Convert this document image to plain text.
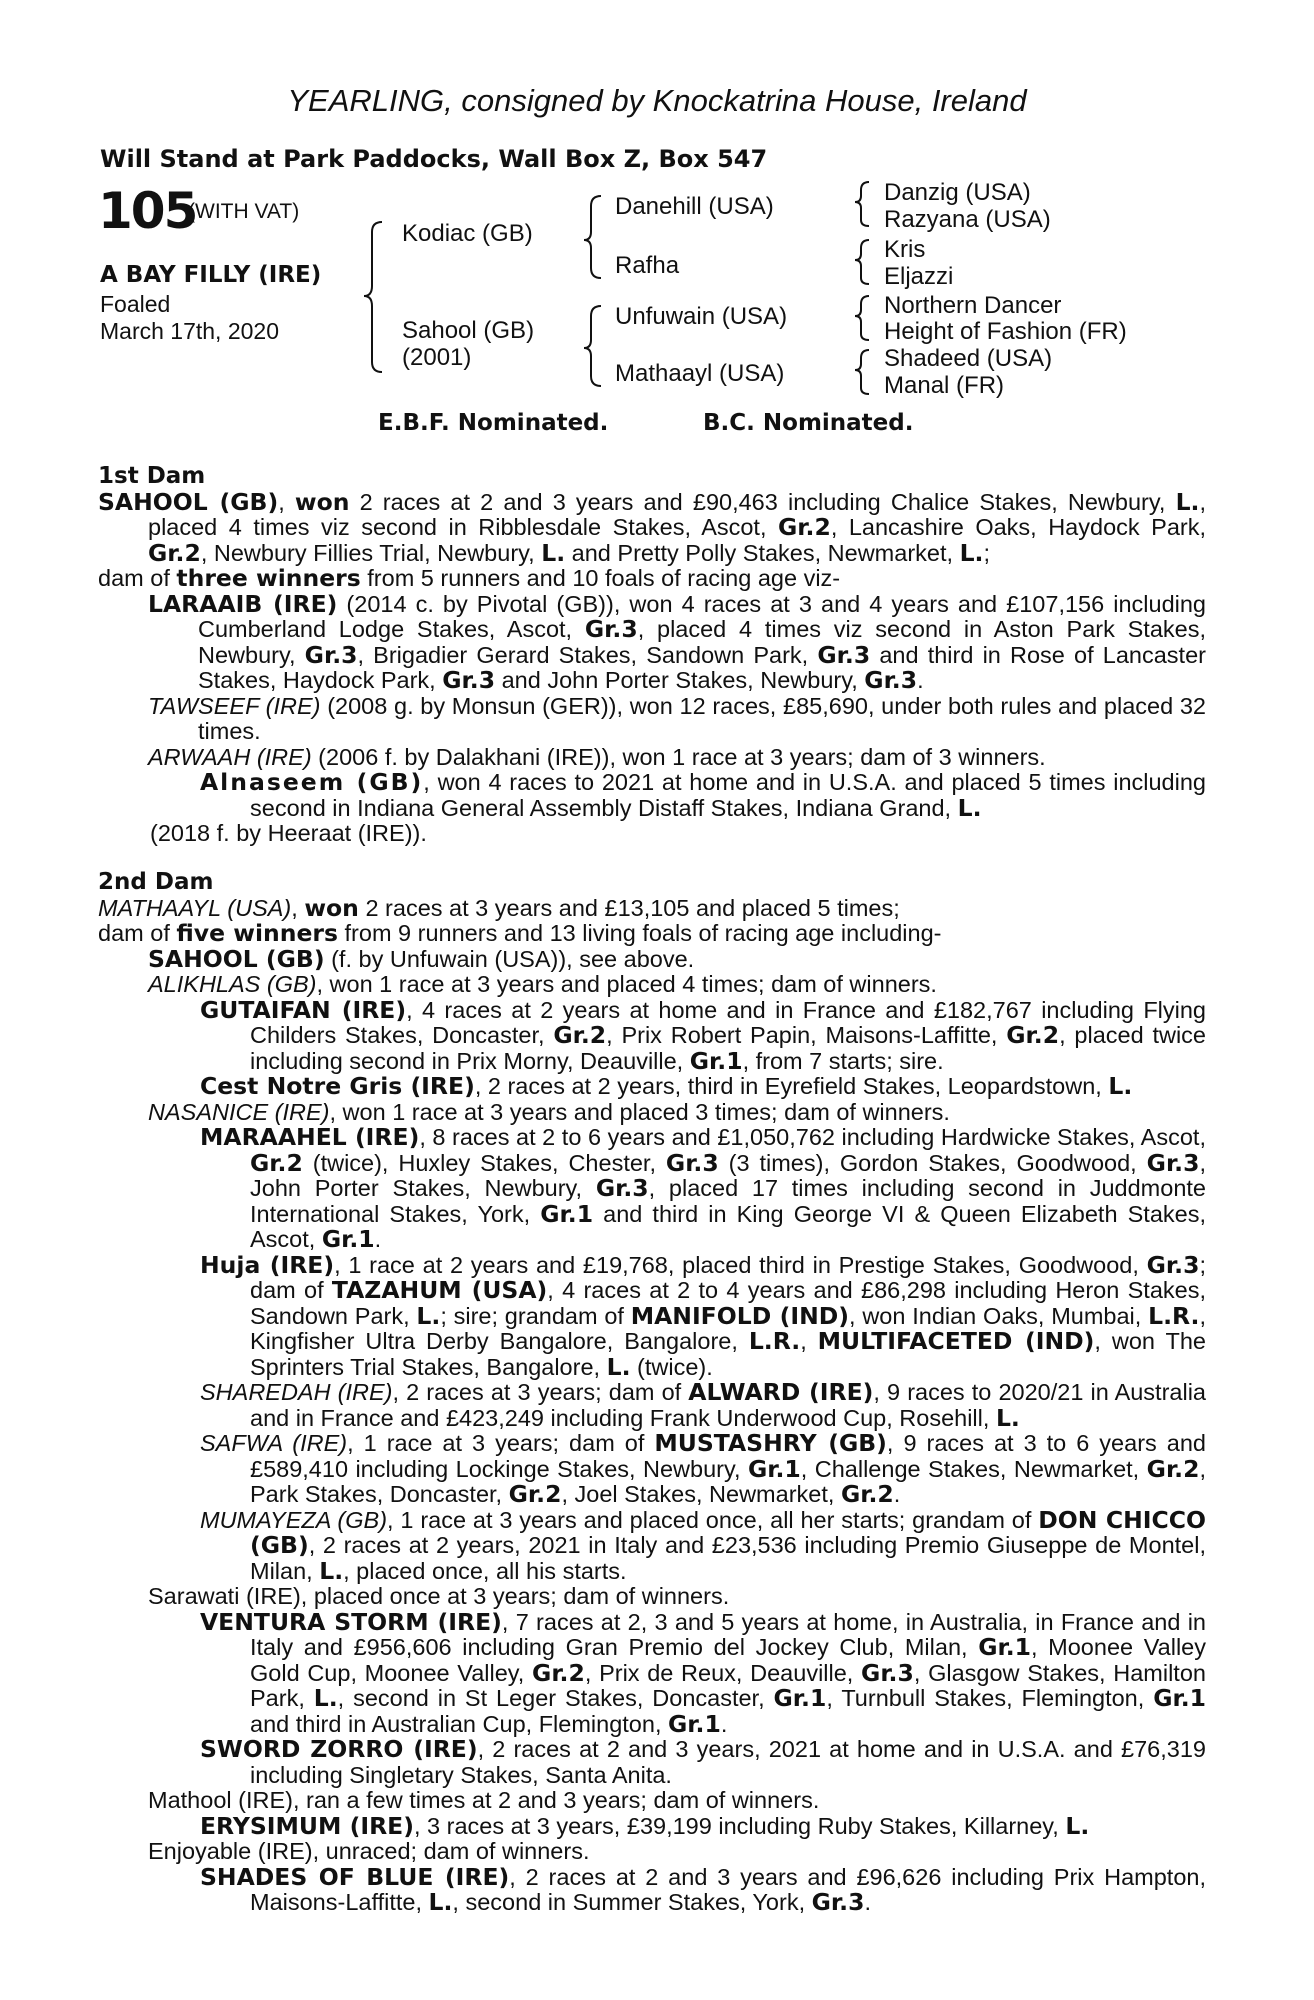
YEARLING, consigned by Knockatrina House, Ireland
Will Stand at Park Paddocks, Wall Box Z, Box 547
105
(WITH VAT)
A BAY FILLY (IRE)
Foaled
March 17th, 2020
Kodiac (GB)
Sahool (GB)
(2001)
Danehill (USA)
Rafha
Unfuwain (USA)
Mathaayl (USA)
Danzig (USA)
Razyana (USA)
Kris
Eljazzi
Northern Dancer
Height of Fashion (FR)
Shadeed (USA)
Manal (FR)
E.B.F. Nominated.	B.C. Nominated.
1st Dam

SAHOOL (GB), won 2 races at 2 and 3 years and £90,463 including Chalice Stakes, Newbury, L., placed 4 times viz second in Ribblesdale Stakes, Ascot, Gr.2, Lancashire Oaks, Haydock Park, Gr.2, Newbury Fillies Trial, Newbury, L. and Pretty Polly Stakes, Newmarket, L.;

dam of three winners from 5 runners and 10 foals of racing age viz-

LARAAIB (IRE) (2014 c. by Pivotal (GB)), won 4 races at 3 and 4 years and £107,156 including Cumberland Lodge Stakes, Ascot, Gr.3, placed 4 times viz second in Aston Park Stakes, Newbury, Gr.3, Brigadier Gerard Stakes, Sandown Park, Gr.3 and third in Rose of Lancaster Stakes, Haydock Park, Gr.3 and John Porter Stakes, Newbury, Gr.3.

TAWSEEF (IRE) (2008 g. by Monsun (GER)), won 12 races, £85,690, under both rules and placed 32 times.

ARWAAH (IRE) (2006 f. by Dalakhani (IRE)), won 1 race at 3 years; dam of 3 winners.

Alnaseem (GB), won 4 races to 2021 at home and in U.S.A. and placed 5 times including second in Indiana General Assembly Distaff Stakes, Indiana Grand, L.

(2018 f. by Heeraat (IRE)).

2nd Dam

MATHAAYL (USA), won 2 races at 3 years and £13,105 and placed 5 times;

dam of five winners from 9 runners and 13 living foals of racing age including-

SAHOOL (GB) (f. by Unfuwain (USA)), see above.

ALIKHLAS (GB), won 1 race at 3 years and placed 4 times; dam of winners.

GUTAIFAN (IRE), 4 races at 2 years at home and in France and £182,767 including Flying Childers Stakes, Doncaster, Gr.2, Prix Robert Papin, Maisons-Laffitte, Gr.2, placed twice including second in Prix Morny, Deauville, Gr.1, from 7 starts; sire.

Cest Notre Gris (IRE), 2 races at 2 years, third in Eyrefield Stakes, Leopardstown, L.

NASANICE (IRE), won 1 race at 3 years and placed 3 times; dam of winners.

MARAAHEL (IRE), 8 races at 2 to 6 years and £1,050,762 including Hardwicke Stakes, Ascot, Gr.2 (twice), Huxley Stakes, Chester, Gr.3 (3 times), Gordon Stakes, Goodwood, Gr.3, John Porter Stakes, Newbury, Gr.3, placed 17 times including second in Juddmonte International Stakes, York, Gr.1 and third in King George VI & Queen Elizabeth Stakes, Ascot, Gr.1.

Huja (IRE), 1 race at 2 years and £19,768, placed third in Prestige Stakes, Goodwood, Gr.3; dam of TAZAHUM (USA), 4 races at 2 to 4 years and £86,298 including Heron Stakes, Sandown Park, L.; sire; grandam of MANIFOLD (IND), won Indian Oaks, Mumbai, L.R., Kingfisher Ultra Derby Bangalore, Bangalore, L.R., MULTIFACETED (IND), won The Sprinters Trial Stakes, Bangalore, L. (twice).

SHAREDAH (IRE), 2 races at 3 years; dam of ALWARD (IRE), 9 races to 2020/21 in Australia and in France and £423,249 including Frank Underwood Cup, Rosehill, L.

SAFWA (IRE), 1 race at 3 years; dam of MUSTASHRY (GB), 9 races at 3 to 6 years and £589,410 including Lockinge Stakes, Newbury, Gr.1, Challenge Stakes, Newmarket, Gr.2, Park Stakes, Doncaster, Gr.2, Joel Stakes, Newmarket, Gr.2.

MUMAYEZA (GB), 1 race at 3 years and placed once, all her starts; grandam of DON CHICCO (GB), 2 races at 2 years, 2021 in Italy and £23,536 including Premio Giuseppe de Montel, Milan, L., placed once, all his starts.

Sarawati (IRE), placed once at 3 years; dam of winners.

VENTURA STORM (IRE), 7 races at 2, 3 and 5 years at home, in Australia, in France and in Italy and £956,606 including Gran Premio del Jockey Club, Milan, Gr.1, Moonee Valley Gold Cup, Moonee Valley, Gr.2, Prix de Reux, Deauville, Gr.3, Glasgow Stakes, Hamilton Park, L., second in St Leger Stakes, Doncaster, Gr.1, Turnbull Stakes, Flemington, Gr.1 and third in Australian Cup, Flemington, Gr.1.

SWORD ZORRO (IRE), 2 races at 2 and 3 years, 2021 at home and in U.S.A. and £76,319 including Singletary Stakes, Santa Anita.

Mathool (IRE), ran a few times at 2 and 3 years; dam of winners.

ERYSIMUM (IRE), 3 races at 3 years, £39,199 including Ruby Stakes, Killarney, L.

Enjoyable (IRE), unraced; dam of winners.

SHADES OF BLUE (IRE), 2 races at 2 and 3 years and £96,626 including Prix Hampton, Maisons-Laffitte, L., second in Summer Stakes, York, Gr.3.
